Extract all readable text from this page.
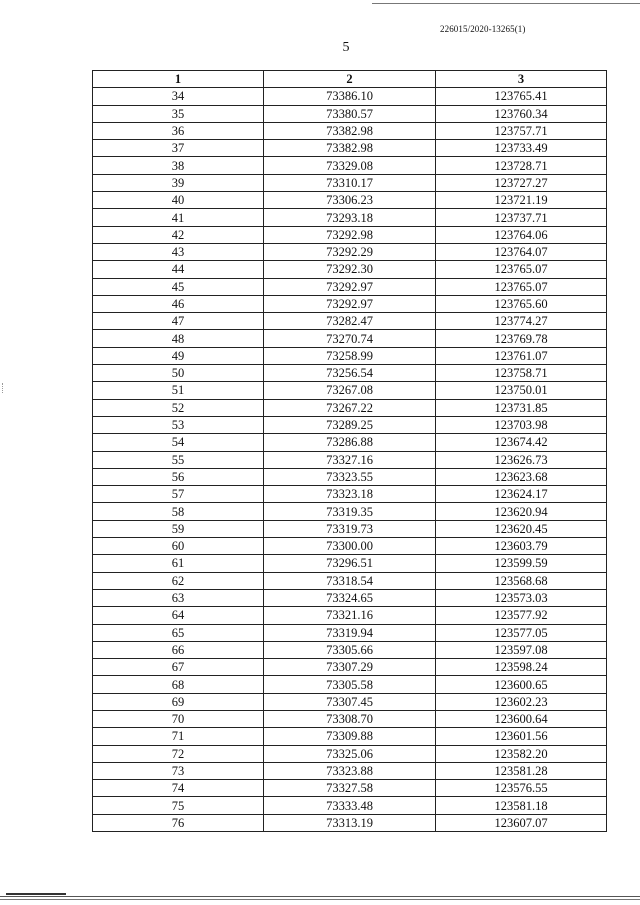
226015/2020-13265(1)
5
1	2	3
34	73386.10	123765.41
35	73380.57	123760.34
36	73382.98	123757.71
37	73382.98	123733.49
38	73329.08	123728.71
39	73310.17	123727.27
40	73306.23	123721.19
41	73293.18	123737.71
42	73292.98	123764.06
43	73292.29	123764.07
44	73292.30	123765.07
45	73292.97	123765.07
46	73292.97	123765.60
47	73282.47	123774.27
48	73270.74	123769.78
49	73258.99	123761.07
50	73256.54	123758.71
51	73267.08	123750.01
52	73267.22	123731.85
53	73289.25	123703.98
54	73286.88	123674.42
55	73327.16	123626.73
56	73323.55	123623.68
57	73323.18	123624.17
58	73319.35	123620.94
59	73319.73	123620.45
60	73300.00	123603.79
61	73296.51	123599.59
62	73318.54	123568.68
63	73324.65	123573.03
64	73321.16	123577.92
65	73319.94	123577.05
66	73305.66	123597.08
67	73307.29	123598.24
68	73305.58	123600.65
69	73307.45	123602.23
70	73308.70	123600.64
71	73309.88	123601.56
72	73325.06	123582.20
73	73323.88	123581.28
74	73327.58	123576.55
75	73333.48	123581.18
76	73313.19	123607.07
